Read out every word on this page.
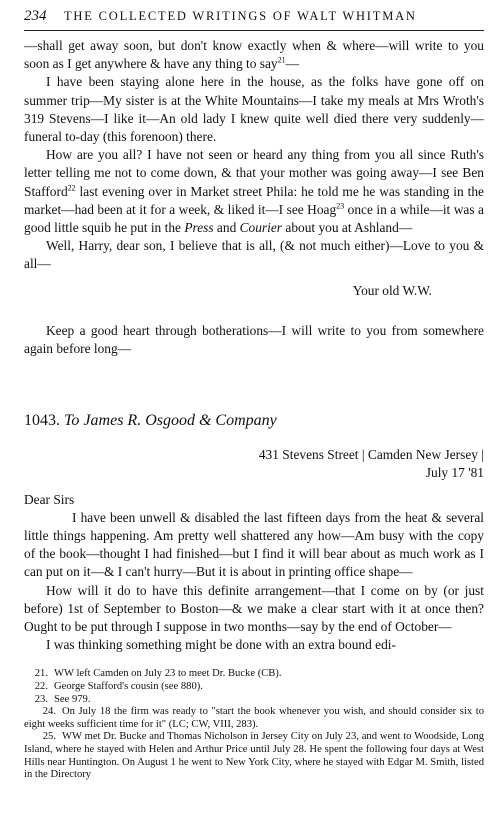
234	THE COLLECTED WRITINGS OF WALT WHITMAN

—shall get away soon, but don't know exactly when & where—will write to you soon as I get anywhere & have any thing to say$^{21}$—

I have been staying alone here in the house, as the folks have gone off on summer trip—My sister is at the White Mountains—I take my meals at Mrs Wroth's 319 Stevens—I like it—An old lady I knew quite well died there very suddenly—funeral to-day (this forenoon) there.

How are you all? I have not seen or heard any thing from you all since Ruth's letter telling me not to come down, & that your mother was going away—I see Ben Stafford$^{22}$ last evening over in Market street Phila: he told me he was standing in the market—had been at it for a week, & liked it—I see Hoag$^{23}$ once in a while—it was a good little squib he put in the Press and Courier about you at Ashland—

Well, Harry, dear son, I believe that is all, (& not much either)—Love to you & all—

Your old W.W.

Keep a good heart through botherations—I will write to you from somewhere again before long—

1043. To James R. Osgood & Company
431 Stevens Street | Camden New Jersey |
July 17 '81

Dear Sirs

I have been unwell & disabled the last fifteen days from the heat & several little things happening. Am pretty well shattered any how—Am busy with the copy of the book—thought I had finished—but I find it will bear about as much work as I can put on it—& I can't hurry—But it is about in printing office shape—

How will it do to have this definite arrangement—that I come on by (or just before) 1st of September to Boston—& we make a clear start with it at once then? Ought to be put through I suppose in two months—say by the end of October—

I was thinking something might be done with an extra bound edi-

21. WW left Camden on July 23 to meet Dr. Bucke (CB).

22. George Stafford's cousin (see 880).

23. See 979.

24. On July 18 the firm was ready to "start the book whenever you wish, and should consider six to eight weeks sufficient time for it" (LC; CW, VIII, 283).

25. WW met Dr. Bucke and Thomas Nicholson in Jersey City on July 23, and went to Woodside, Long Island, where he stayed with Helen and Arthur Price until July 28. He spent the following four days at West Hills near Huntington. On August 1 he went to New York City, where he stayed with Edgar M. Smith, listed in the Directory
